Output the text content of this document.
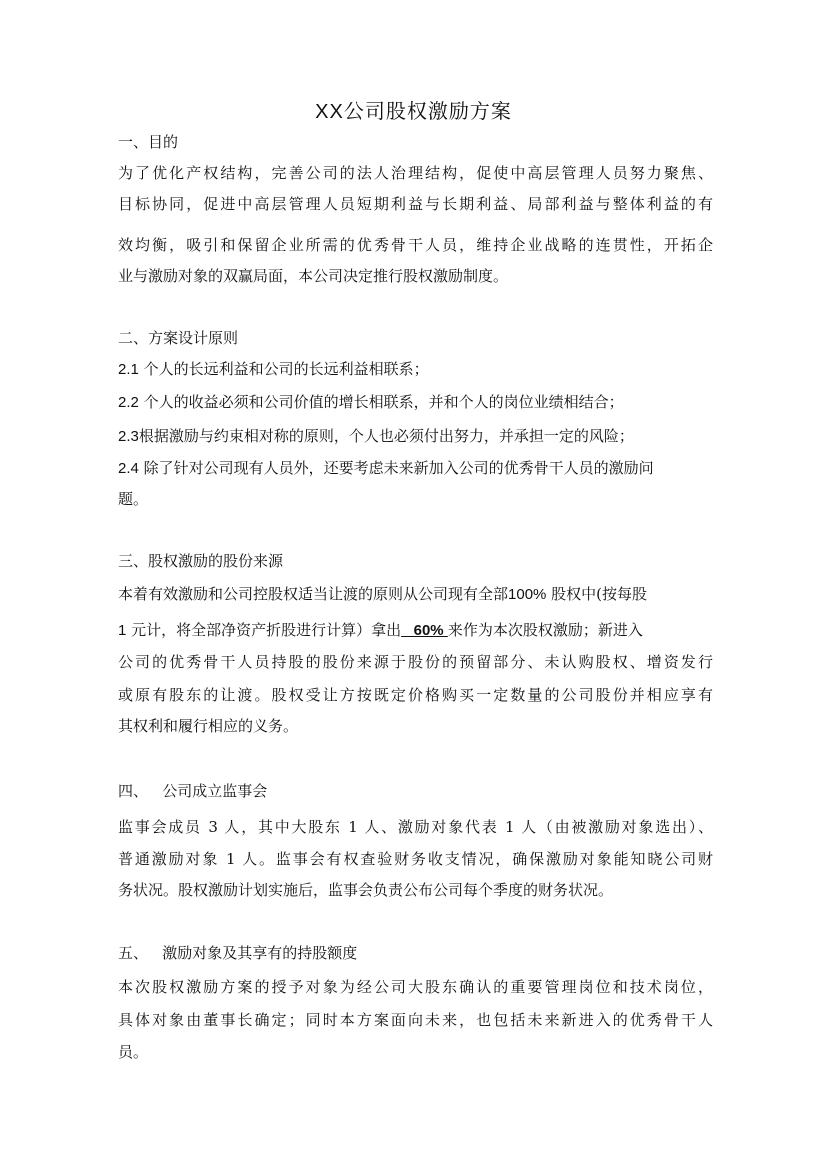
XX公司股权激励方案
一、目的
为了优化产权结构，完善公司的法人治理结构，促使中高层管理人员努力聚焦、
目标协同，促进中高层管理人员短期利益与长期利益、局部利益与整体利益的有
效均衡，吸引和保留企业所需的优秀骨干人员，维持企业战略的连贯性，开拓企
业与激励对象的双赢局面，本公司决定推行股权激励制度。
二、方案设计原则
2.1 个人的长远利益和公司的长远利益相联系；
2.2 个人的收益必须和公司价值的增长相联系，并和个人的岗位业绩相结合；
2.3根据激励与约束相对称的原则，个人也必须付出努力，并承担一定的风险；
2.4 除了针对公司现有人员外，还要考虑未来新加入公司的优秀骨干人员的激励问
题。
三、股权激励的股份来源
本着有效激励和公司控股权适当让渡的原则从公司现有全部100% 股权中(按每股
1 元计，将全部净资产折股进行计算）拿出   60% 来作为本次股权激励；新进入
公司的优秀骨干人员持股的股份来源于股份的预留部分、未认购股权、增资发行
或原有股东的让渡。股权受让方按既定价格购买一定数量的公司股份并相应享有
其权利和履行相应的义务。
四、   公司成立监事会
监事会成员 3 人，其中大股东 1 人、激励对象代表 1 人（由被激励对象选出）、
普通激励对象 1 人。监事会有权查验财务收支情况，确保激励对象能知晓公司财
务状况。股权激励计划实施后，监事会负责公布公司每个季度的财务状况。
五、   激励对象及其享有的持股额度
本次股权激励方案的授予对象为经公司大股东确认的重要管理岗位和技术岗位，
具体对象由董事长确定；同时本方案面向未来，也包括未来新进入的优秀骨干人
员。
